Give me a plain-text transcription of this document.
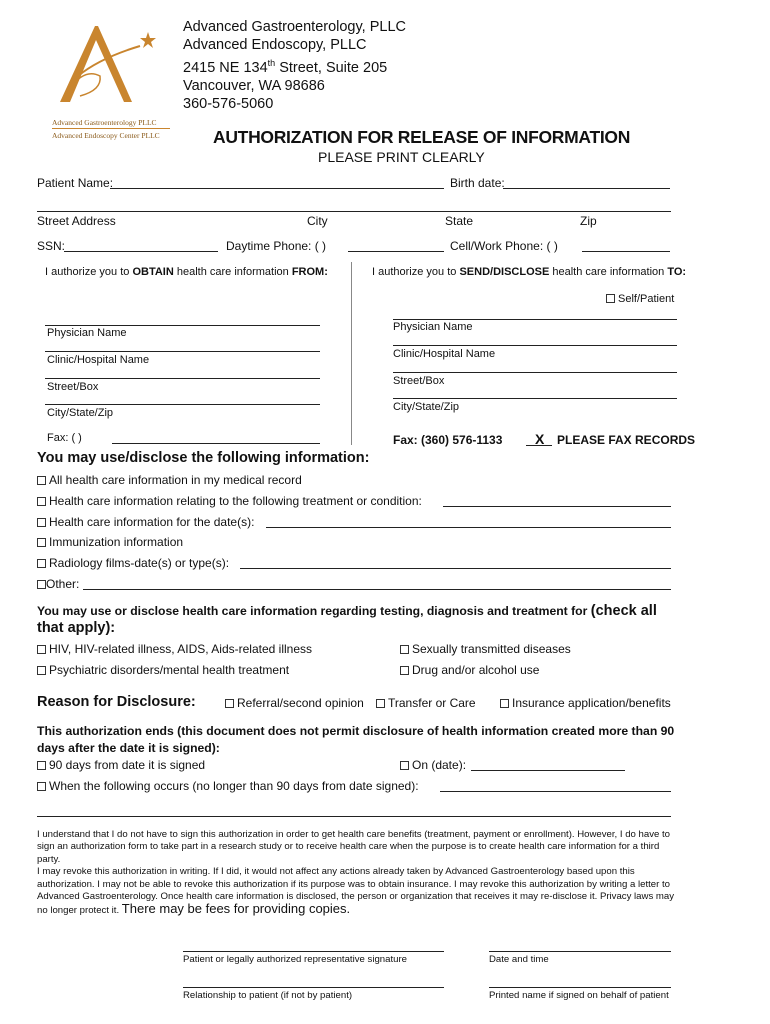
Advanced Gastroenterology PLLC
Advanced Endoscopy Center PLLC
Advanced Gastroenterology, PLLC
Advanced Endoscopy, PLLC
2415 NE 134th Street, Suite 205
Vancouver, WA 98686
360-576-5060
AUTHORIZATION FOR RELEASE OF INFORMATION
PLEASE PRINT CLEARLY
Patient Name:	Birth date:
Street Address	City	State	Zip
SSN:	Daytime Phone: ( )	Cell/Work Phone: ( )
I authorize you to OBTAIN health care information FROM:
Physician Name
Clinic/Hospital Name
Street/Box
City/State/Zip
Fax: ( )
I authorize you to SEND/DISCLOSE health care information TO:
Self/Patient
Physician Name
Clinic/Hospital Name
Street/Box
City/State/Zip
Fax: (360) 576-1133 X PLEASE FAX RECORDS
You may use/disclose the following information:
All health care information in my medical record
Health care information relating to the following treatment or condition:
Health care information for the date(s):
Immunization information
Radiology films-date(s) or type(s):
Other:
You may use or disclose health care information regarding testing, diagnosis and treatment for (check all that apply):
HIV, HIV-related illness, AIDS, Aids-related illness	Sexually transmitted diseases
Psychiatric disorders/mental health treatment	Drug and/or alcohol use
Reason for Disclosure:	Referral/second opinion	Transfer or Care	Insurance application/benefits
This authorization ends (this document does not permit disclosure of health information created more than 90 days after the date it is signed):
90 days from date it is signed	On (date):
When the following occurs (no longer than 90 days from date signed):
I understand that I do not have to sign this authorization in order to get health care benefits (treatment, payment or enrollment). However, I do have to sign an authorization form to take part in a research study or to receive health care when the purpose is to create health care information for a third party.
I may revoke this authorization in writing. If I did, it would not affect any actions already taken by Advanced Gastroenterology based upon this authorization. I may not be able to revoke this authorization if its purpose was to obtain insurance. I may revoke this authorization by writing a letter to Advanced Gastroenterology. Once health care information is disclosed, the person or organization that receives it may re-disclose it. Privacy laws may no longer protect it. There may be fees for providing copies.
Patient or legally authorized representative signature	Date and time
Relationship to patient (if not by patient)	Printed name if signed on behalf of patient
